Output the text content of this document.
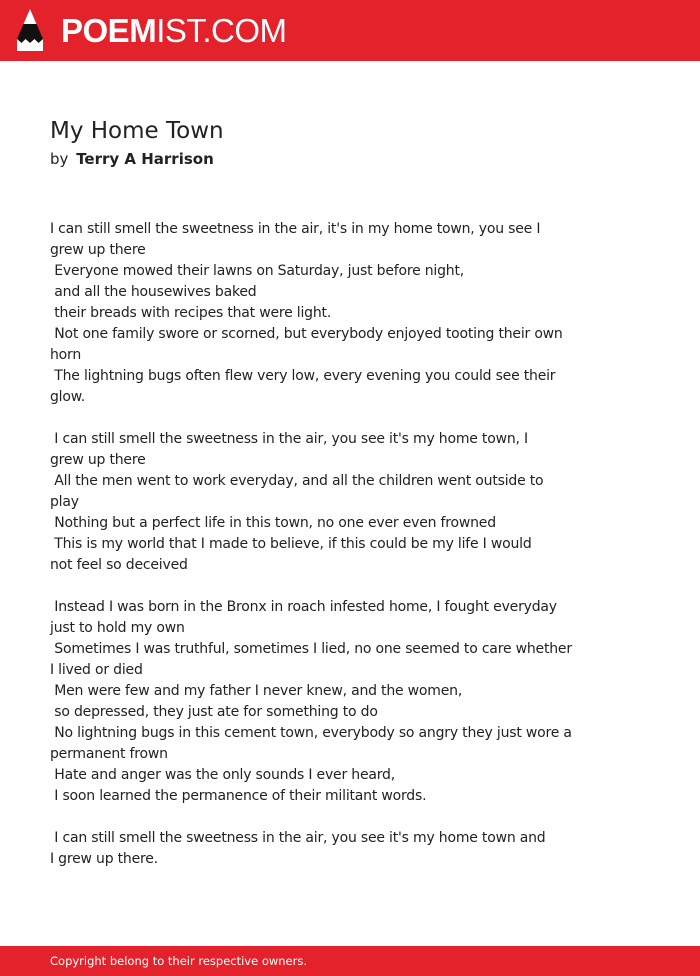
POEMIST.COM
My Home Town
by Terry A Harrison
I can still smell the sweetness in the air, it's in my home town, you see I
grew up there
Everyone mowed their lawns on Saturday, just before night,
and all the housewives baked
their breads with recipes that were light.
Not one family swore or scorned, but everybody enjoyed tooting their own
horn
The lightning bugs often flew very low, every evening you could see their
glow.

I can still smell the sweetness in the air, you see it's my home town, I
grew up there
All the men went to work everyday, and all the children went outside to
play
Nothing but a perfect life in this town, no one ever even frowned
This is my world that I made to believe, if this could be my life I would
not feel so deceived

Instead I was born in the Bronx in roach infested home, I fought everyday
just to hold my own
Sometimes I was truthful, sometimes I lied, no one seemed to care whether
I lived or died
Men were few and my father I never knew, and the women,
so depressed, they just ate for something to do
No lightning bugs in this cement town, everybody so angry they just wore a
permanent frown
Hate and anger was the only sounds I ever heard,
I soon learned the permanence of their militant words.

I can still smell the sweetness in the air, you see it's my home town and
I grew up there.
Copyright belong to their respective owners.
